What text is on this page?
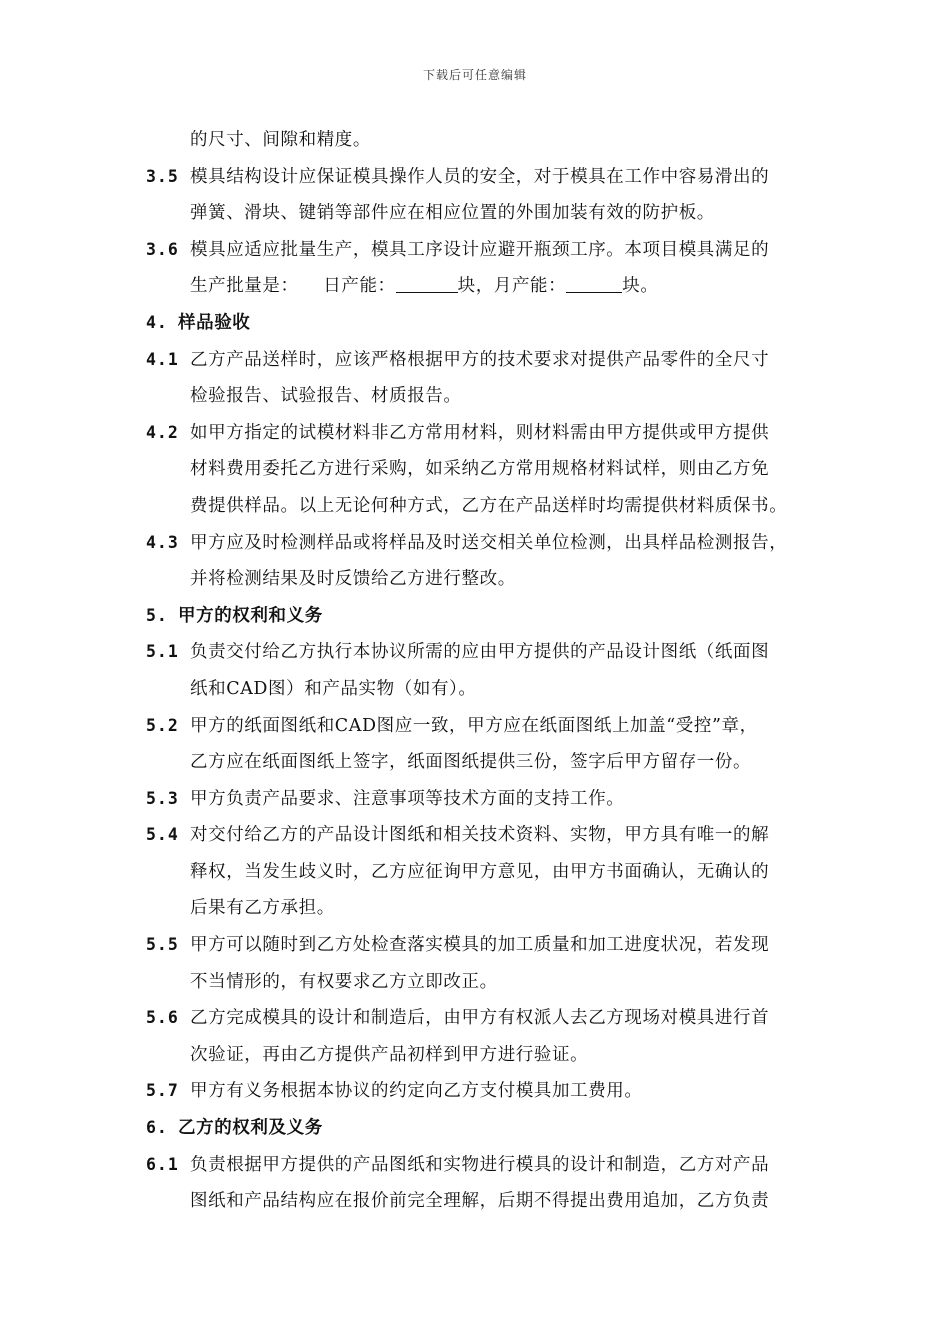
下载后可任意编辑
的尺寸、间隙和精度。
3.5 模具结构设计应保证模具操作人员的安全，对于模具在工作中容易滑出的
弹簧、滑块、键销等部件应在相应位置的外围加装有效的防护板。
3.6 模具应适应批量生产，模具工序设计应避开瓶颈工序。本项目模具满足的
生产批量是：    日产能：	块，月产能：	块。
4. 样品验收
4.1 乙方产品送样时，应该严格根据甲方的技术要求对提供产品零件的全尺寸
检验报告、试验报告、材质报告。
4.2 如甲方指定的试模材料非乙方常用材料，则材料需由甲方提供或甲方提供
材料费用委托乙方进行采购，如采纳乙方常用规格材料试样，则由乙方免
费提供样品。以上无论何种方式，乙方在产品送样时均需提供材料质保书。
4.3 甲方应及时检测样品或将样品及时送交相关单位检测，出具样品检测报告，
并将检测结果及时反馈给乙方进行整改。
5. 甲方的权利和义务
5.1 负责交付给乙方执行本协议所需的应由甲方提供的产品设计图纸（纸面图
纸和CAD图）和产品实物（如有）。
5.2 甲方的纸面图纸和CAD图应一致，甲方应在纸面图纸上加盖“受控”章，
乙方应在纸面图纸上签字，纸面图纸提供三份，签字后甲方留存一份。
5.3 甲方负责产品要求、注意事项等技术方面的支持工作。
5.4 对交付给乙方的产品设计图纸和相关技术资料、实物，甲方具有唯一的解
释权，当发生歧义时，乙方应征询甲方意见，由甲方书面确认，无确认的
后果有乙方承担。
5.5 甲方可以随时到乙方处检查落实模具的加工质量和加工进度状况，若发现
不当情形的，有权要求乙方立即改正。
5.6 乙方完成模具的设计和制造后，由甲方有权派人去乙方现场对模具进行首
次验证，再由乙方提供产品初样到甲方进行验证。
5.7 甲方有义务根据本协议的约定向乙方支付模具加工费用。
6. 乙方的权利及义务
6.1 负责根据甲方提供的产品图纸和实物进行模具的设计和制造，乙方对产品
图纸和产品结构应在报价前完全理解，后期不得提出费用追加，乙方负责
